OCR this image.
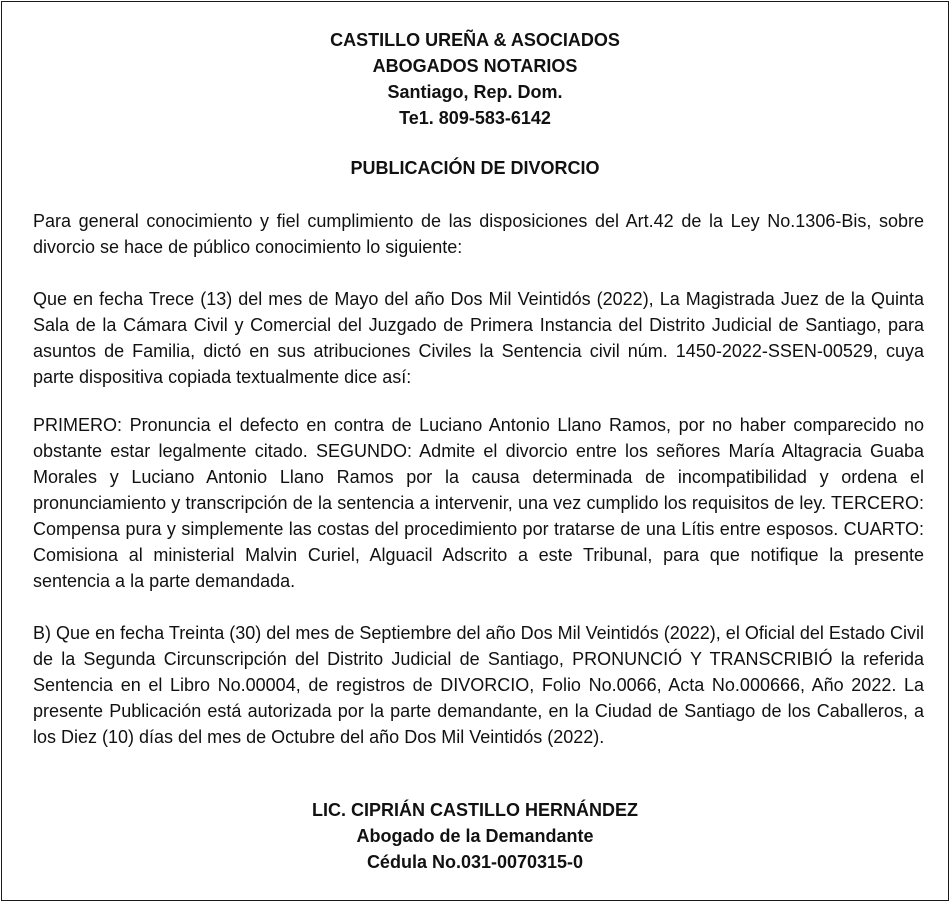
CASTILLO UREÑA & ASOCIADOS
ABOGADOS NOTARIOS
Santiago, Rep. Dom.
Te1. 809-583-6142
PUBLICACIÓN DE DIVORCIO
Para general conocimiento y fiel cumplimiento de las disposiciones del Art.42 de la Ley No.1306-Bis, sobre divorcio se hace de público conocimiento lo siguiente:
Que en fecha Trece (13) del mes de Mayo del año Dos Mil Veintidós (2022), La Magistrada Juez de la Quinta Sala de la Cámara Civil y Comercial del Juzgado de Primera Instancia del Distrito Judicial de Santiago, para asuntos de Familia, dictó en sus atribuciones Civiles la Sentencia civil núm. 1450-2022-SSEN-00529, cuya parte dispositiva copiada textualmente dice así:
PRIMERO: Pronuncia el defecto en contra de Luciano Antonio Llano Ramos, por no haber comparecido no obstante estar legalmente citado. SEGUNDO: Admite el divorcio entre los señores María Altagracia Guaba Morales y Luciano Antonio Llano Ramos por la causa determinada de incompatibilidad y ordena el pronunciamiento y transcripción de la sentencia a intervenir, una vez cumplido los requisitos de ley. TERCERO: Compensa pura y simplemente las costas del procedimiento por tratarse de una Lítis entre esposos. CUARTO: Comisiona al ministerial Malvin Curiel, Alguacil Adscrito a este Tribunal, para que notifique la presente sentencia a la parte demandada.
B) Que en fecha Treinta (30) del mes de Septiembre del año Dos Mil Veintidós (2022), el Oficial del Estado Civil de la Segunda Circunscripción del Distrito Judicial de Santiago, PRONUNCIÓ Y TRANSCRIBIÓ la referida Sentencia en el Libro No.00004, de registros de DIVORCIO, Folio No.0066, Acta No.000666, Año 2022. La presente Publicación está autorizada por la parte demandante, en la Ciudad de Santiago de los Caballeros, a los Diez (10) días del mes de Octubre del año Dos Mil Veintidós (2022).
LIC. CIPRIÁN CASTILLO HERNÁNDEZ
Abogado de la Demandante
Cédula No.031-0070315-0
